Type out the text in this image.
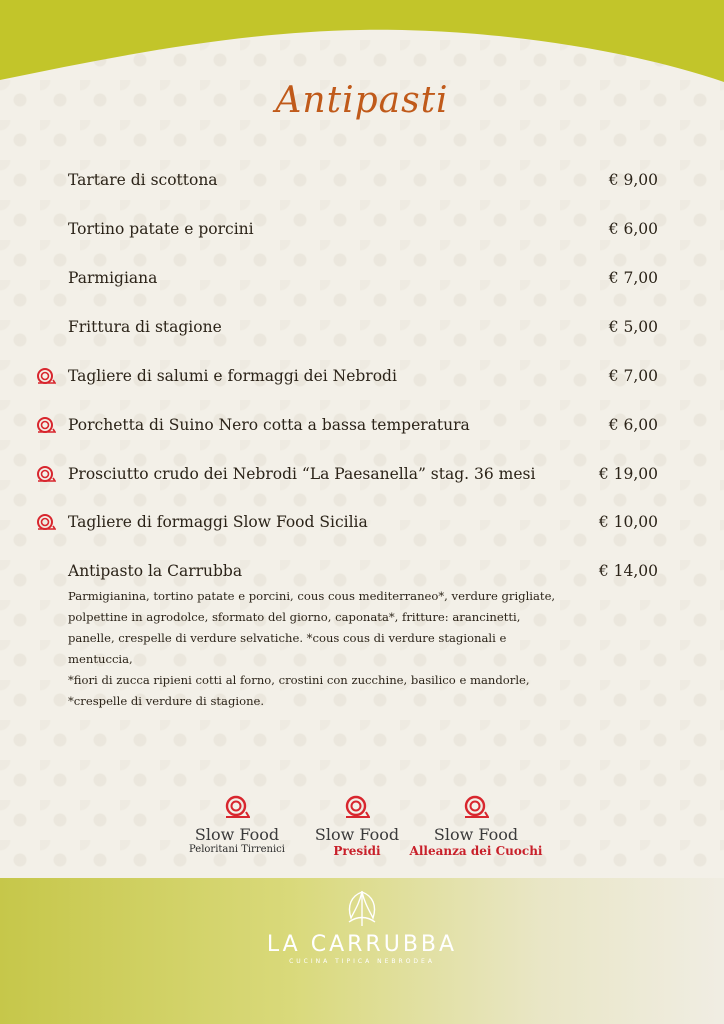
Antipasti
Tartare di scottona	€ 9,00
Tortino patate e porcini	€ 6,00
Parmigiana	€ 7,00
Frittura di stagione	€ 5,00
Tagliere di salumi e formaggi dei Nebrodi	€ 7,00
Porchetta di Suino Nero cotta a bassa temperatura	€ 6,00
Prosciutto crudo dei Nebrodi “La Paesanella” stag. 36 mesi	€ 19,00
Tagliere di formaggi Slow Food Sicilia	€ 10,00
Antipasto la Carrubba	€ 14,00
Parmigianina, tortino patate e porcini, cous cous mediterraneo*, verdure grigliate,
polpettine in agrodolce, sformato del giorno, caponata*, fritture: arancinetti,
panelle, crespelle di verdure selvatiche. *cous cous di verdure stagionali e mentuccia,
*fiori di zucca ripieni cotti al forno, crostini con zucchine, basilico e mandorle,
*crespelle di verdure di stagione.
Slow Food
Peloritani Tirrenici
Slow Food
Presidi
Slow Food
Alleanza dei Cuochi
LA CARRUBBA
CUCINA TIPICA NEBRODEA
